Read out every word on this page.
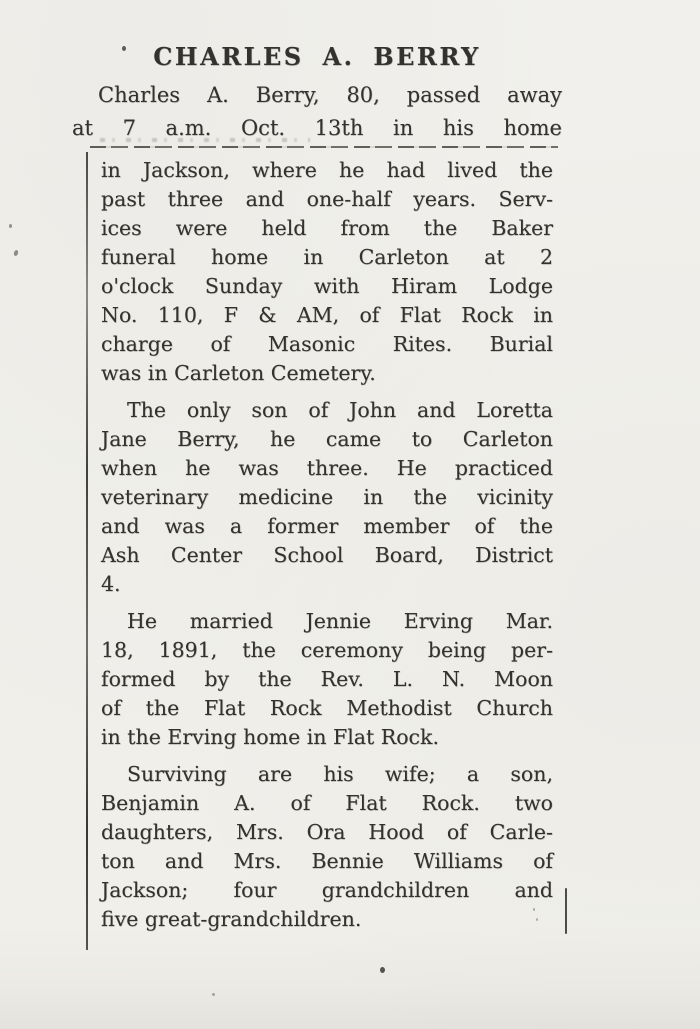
CHARLES A. BERRY
Charles A. Berry, 80, passed away
at 7 a.m. Oct. 13th in his home
in Jackson, where he had lived the
past three and one-half years. Serv-
ices were held from the Baker
funeral home in Carleton at 2
o'clock Sunday with Hiram Lodge
No. 110, F & AM, of Flat Rock in
charge of Masonic Rites. Burial
was in Carleton Cemetery.
The only son of John and Loretta
Jane Berry, he came to Carleton
when he was three. He practiced
veterinary medicine in the vicinity
and was a former member of the
Ash Center School Board, District
4.
He married Jennie Erving Mar.
18, 1891, the ceremony being per-
formed by the Rev. L. N. Moon
of the Flat Rock Methodist Church
in the Erving home in Flat Rock.
Surviving are his wife; a son,
Benjamin A. of Flat Rock. two
daughters, Mrs. Ora Hood of Carle-
ton and Mrs. Bennie Williams of
Jackson; four grandchildren and
five great-grandchildren.
